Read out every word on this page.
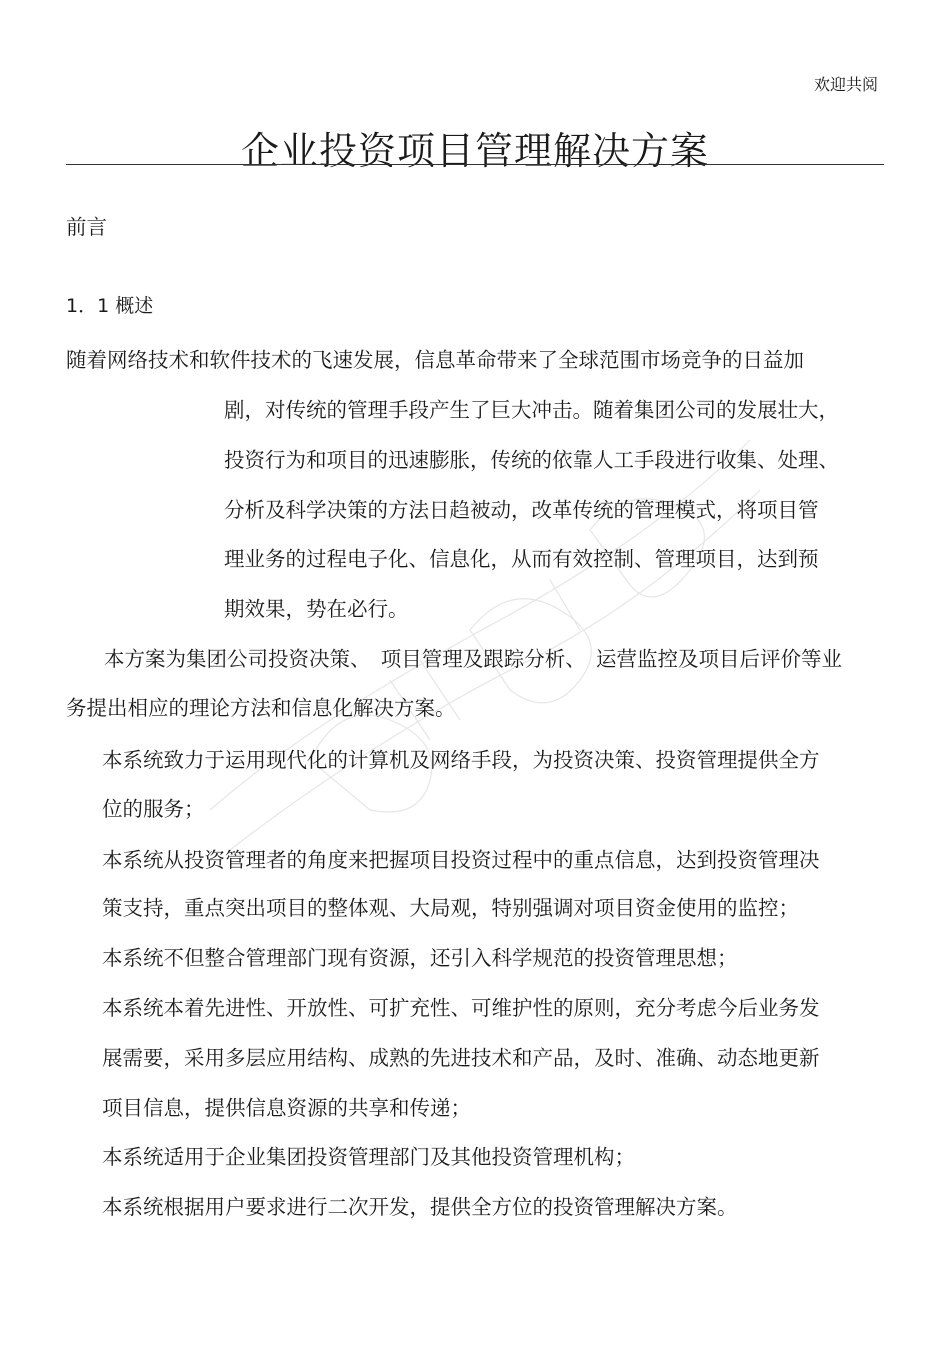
欢迎共阅
企业投资项目管理解决方案
前言
1．1 概述
随着网络技术和软件技术的飞速发展，信息革命带来了全球范围市场竞争的日益加
剧，对传统的管理手段产生了巨大冲击。随着集团公司的发展壮大，
投资行为和项目的迅速膨胀，传统的依靠人工手段进行收集、处理、
分析及科学决策的方法日趋被动，改革传统的管理模式，将项目管
理业务的过程电子化、信息化，从而有效控制、管理项目，达到预
期效果，势在必行。
本方案为集团公司投资决策、　项目管理及跟踪分析、　运营监控及项目后评价等业
务提出相应的理论方法和信息化解决方案。
本系统致力于运用现代化的计算机及网络手段，为投资决策、投资管理提供全方
位的服务；
本系统从投资管理者的角度来把握项目投资过程中的重点信息，达到投资管理决
策支持，重点突出项目的整体观、大局观，特别强调对项目资金使用的监控；
本系统不但整合管理部门现有资源，还引入科学规范的投资管理思想；
本系统本着先进性、开放性、可扩充性、可维护性的原则，充分考虑今后业务发
展需要，采用多层应用结构、成熟的先进技术和产品，及时、准确、动态地更新
项目信息，提供信息资源的共享和传递；
本系统适用于企业集团投资管理部门及其他投资管理机构；
本系统根据用户要求进行二次开发，提供全方位的投资管理解决方案。
